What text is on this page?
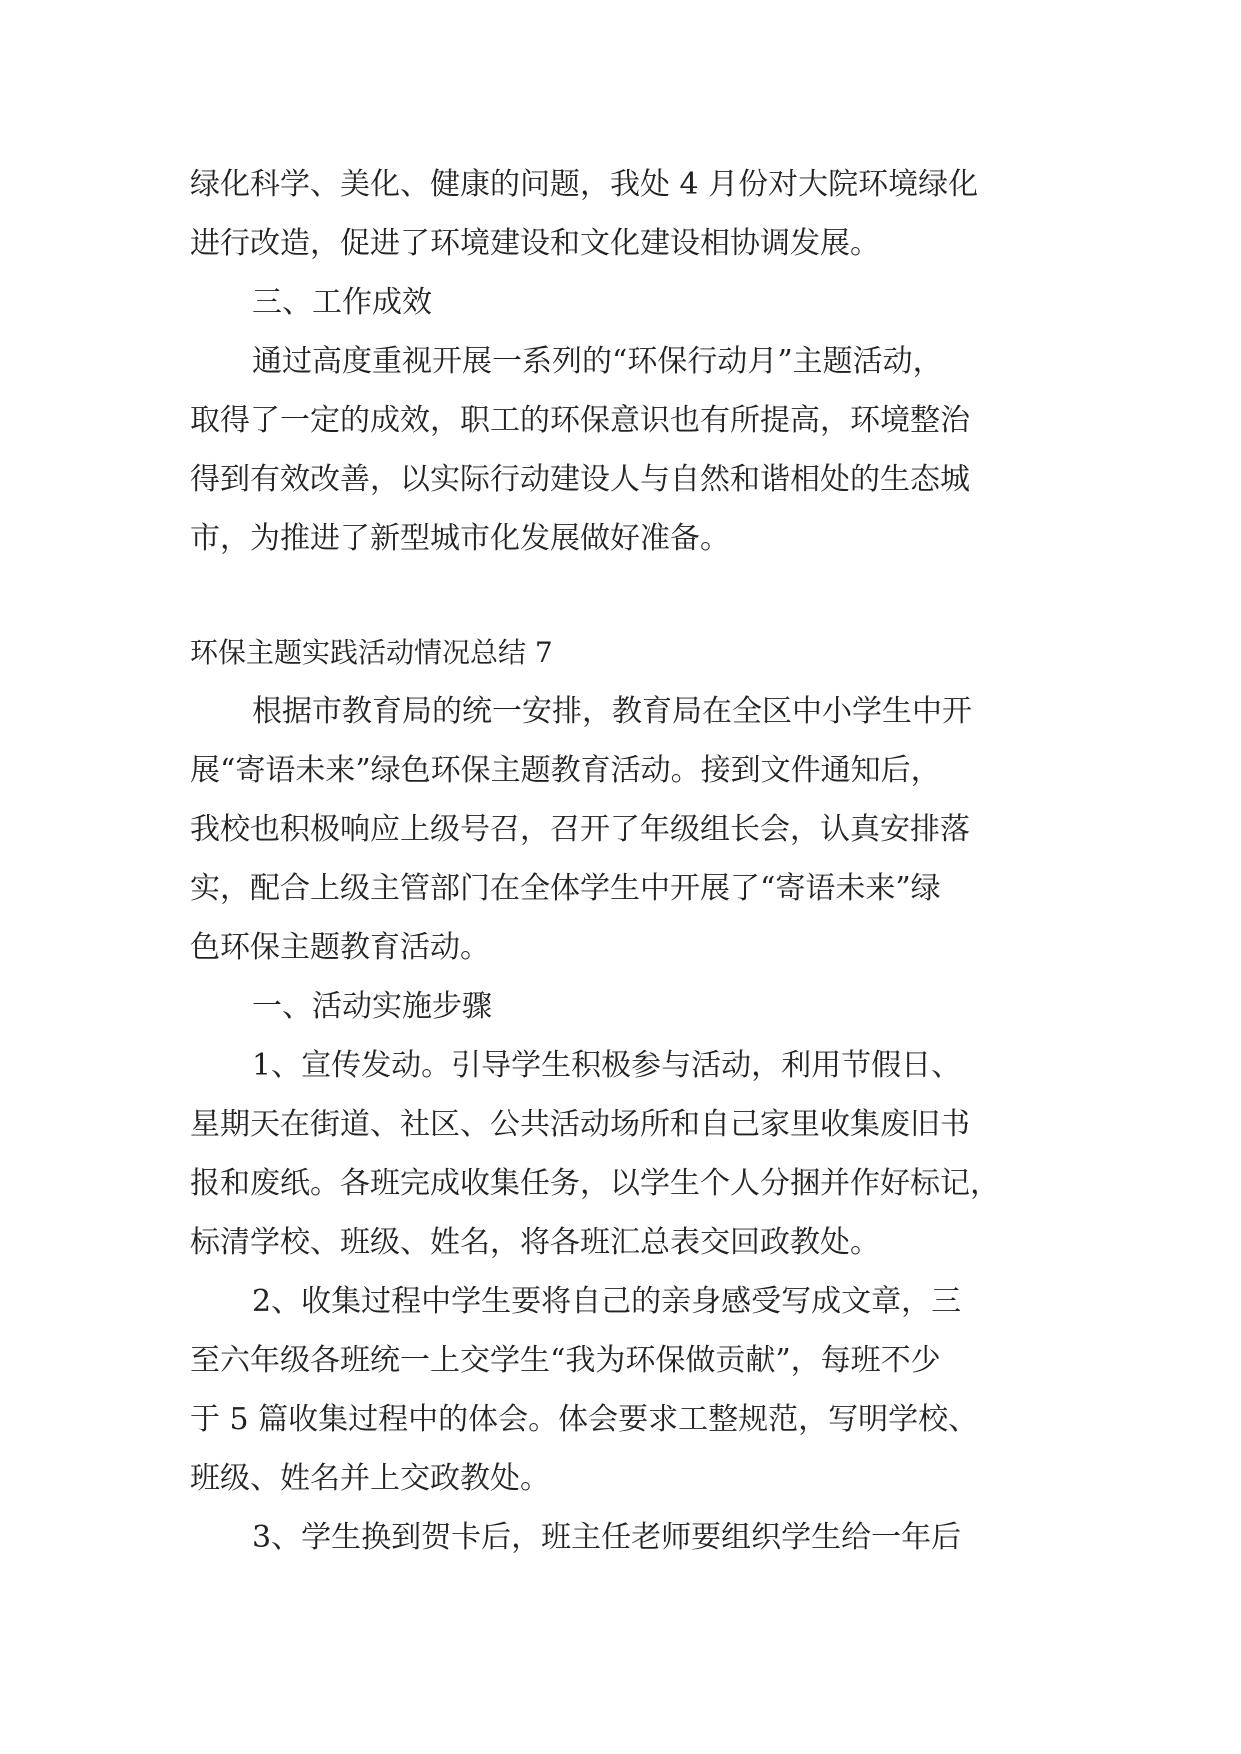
绿化科学、美化、健康的问题，我处 4 月份对大院环境绿化
进行改造，促进了环境建设和文化建设相协调发展。
三、工作成效
通过高度重视开展一系列的“环保行动月”主题活动，
取得了一定的成效，职工的环保意识也有所提高，环境整治
得到有效改善，以实际行动建设人与自然和谐相处的生态城
市，为推进了新型城市化发展做好准备。
环保主题实践活动情况总结 7
根据市教育局的统一安排，教育局在全区中小学生中开
展“寄语未来”绿色环保主题教育活动。接到文件通知后，
我校也积极响应上级号召，召开了年级组长会，认真安排落
实，配合上级主管部门在全体学生中开展了“寄语未来”绿
色环保主题教育活动。
一、活动实施步骤
1、宣传发动。引导学生积极参与活动，利用节假日、
星期天在街道、社区、公共活动场所和自己家里收集废旧书
报和废纸。各班完成收集任务，以学生个人分捆并作好标记，
标清学校、班级、姓名，将各班汇总表交回政教处。
2、收集过程中学生要将自己的亲身感受写成文章，三
至六年级各班统一上交学生“我为环保做贡献”，每班不少
于 5 篇收集过程中的体会。体会要求工整规范，写明学校、
班级、姓名并上交政教处。
3、学生换到贺卡后，班主任老师要组织学生给一年后
